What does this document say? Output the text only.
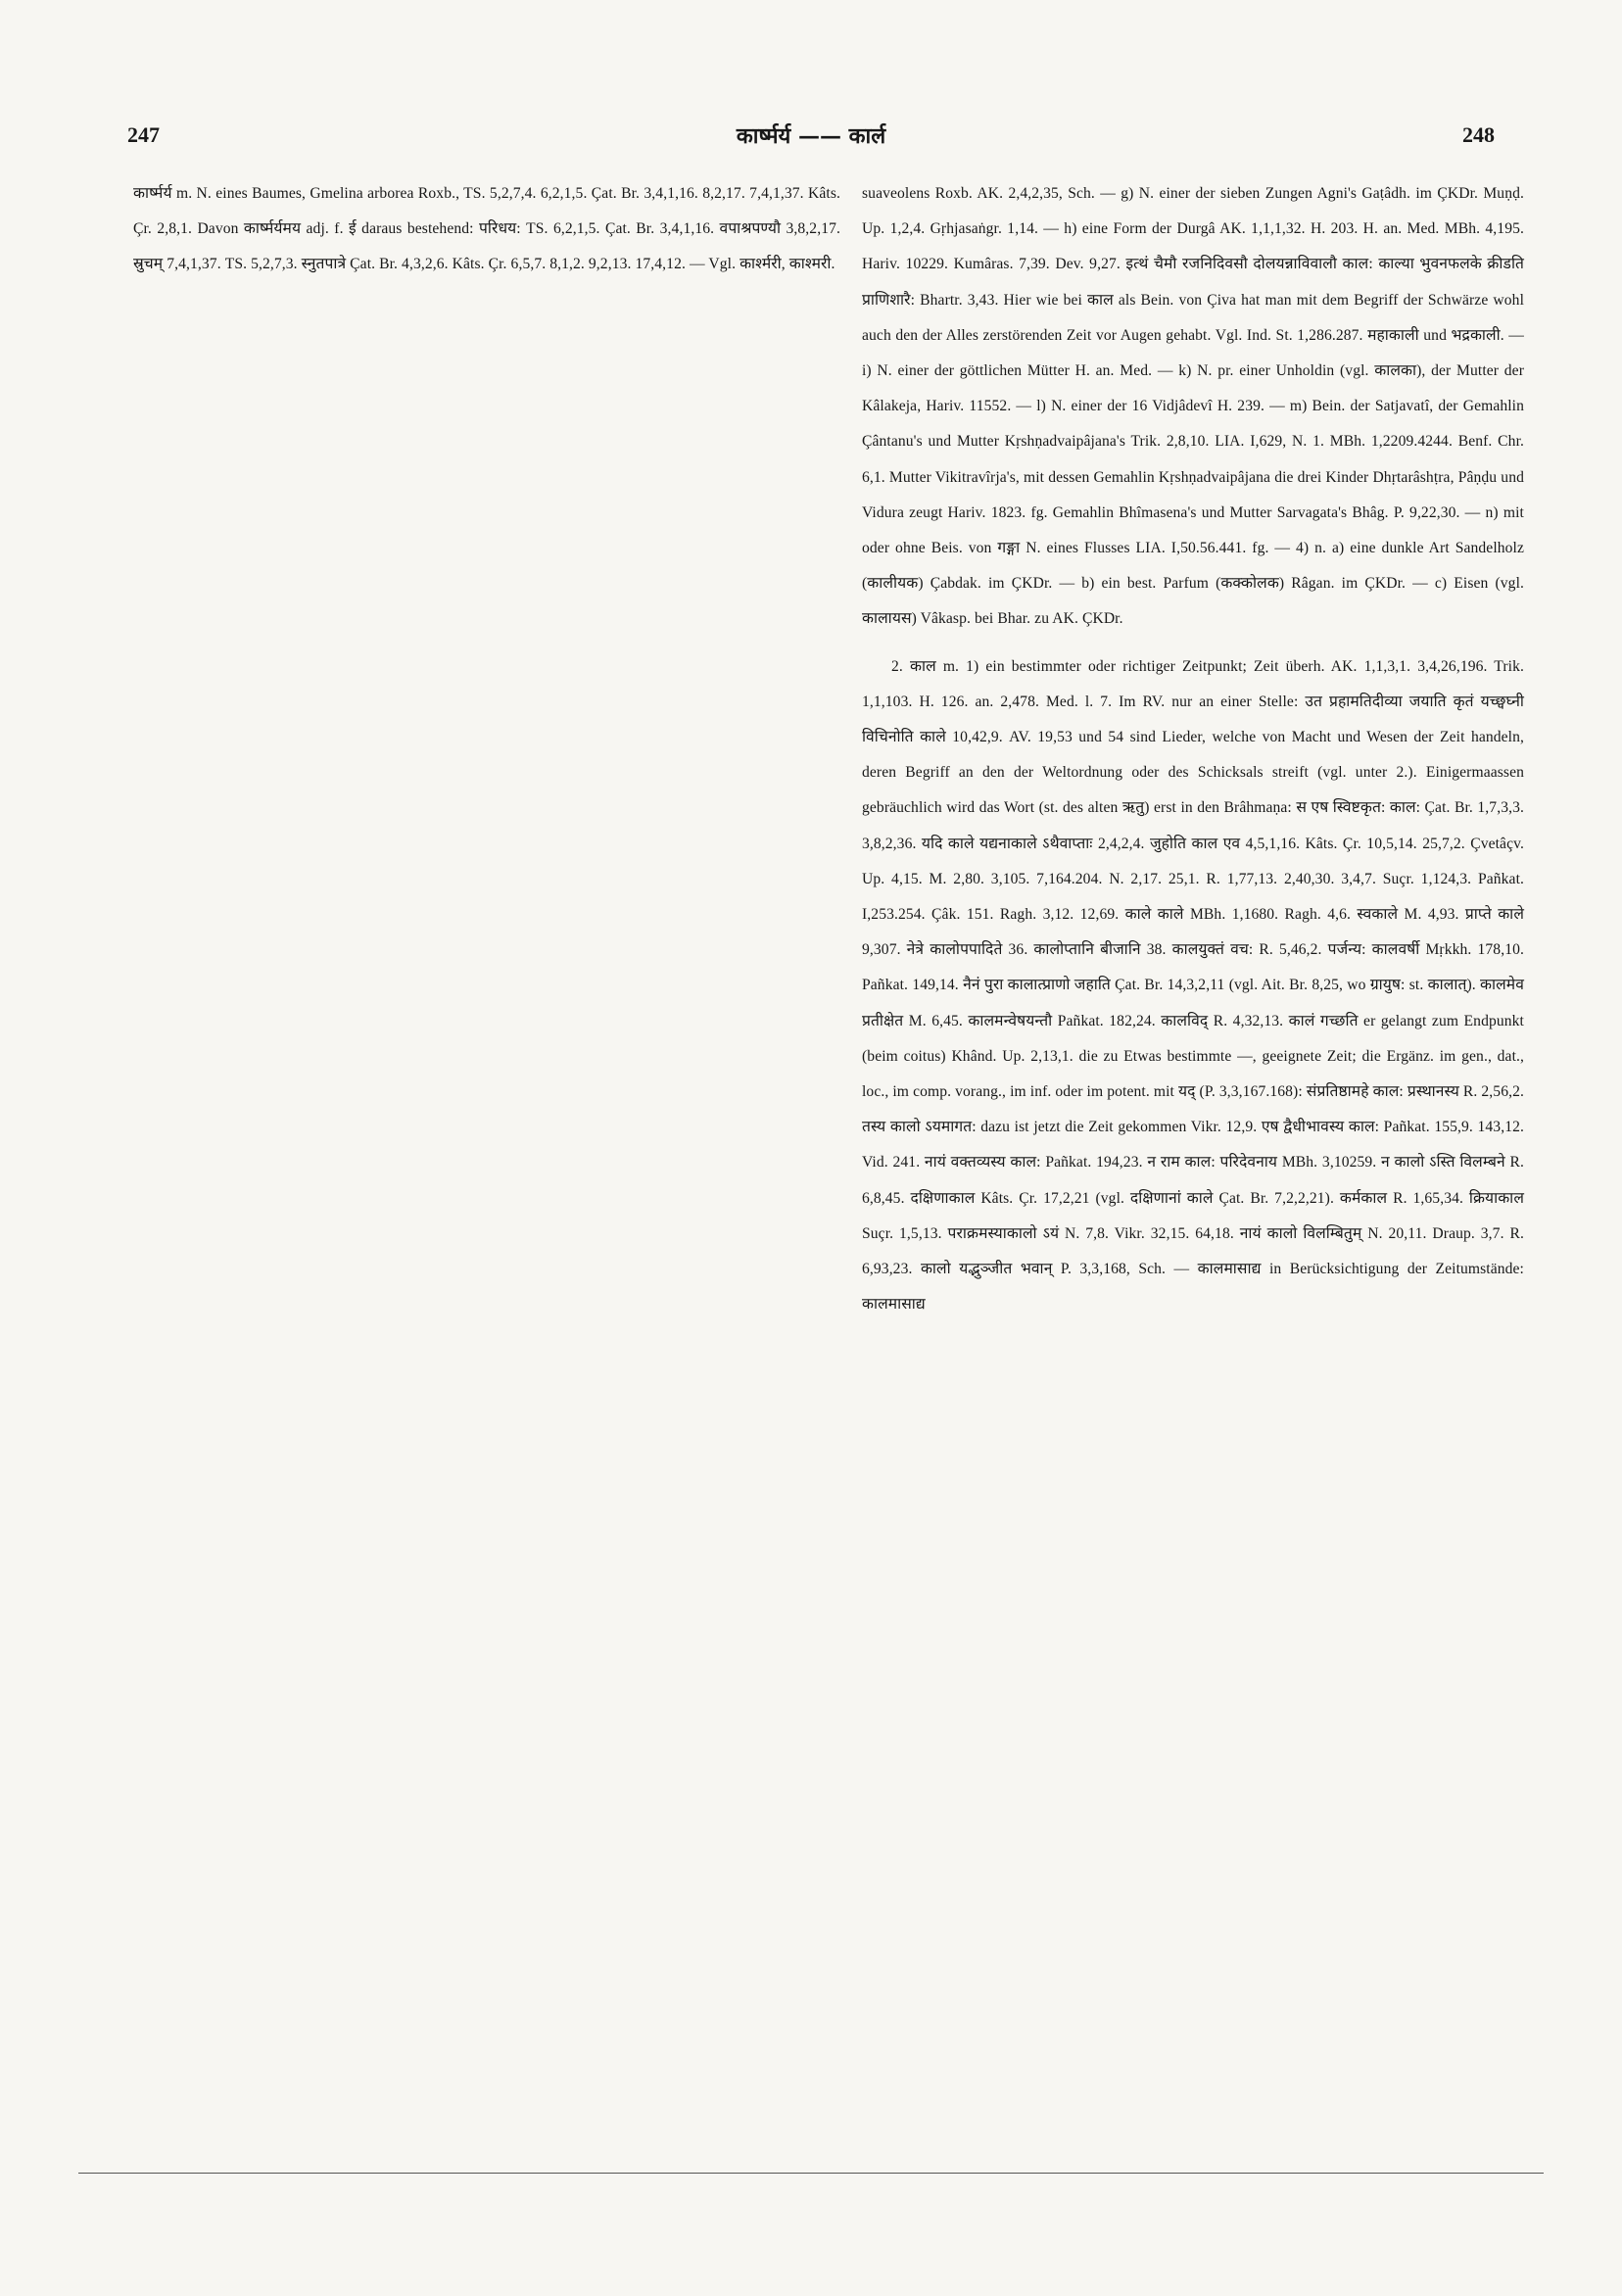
247	कार्ष्मर्य —— कार्ल	248

कार्ष्मर्य m. N. eines Baumes, Gmelina arborea Roxb., TS. 5,2,7,4. 6,2,1,5. Çat. Br. 3,4,1,16. 8,2,17. 7,4,1,37. Kâts. Çr. 2,8,1. Davon कार्ष्मर्यमय adj. f. ई daraus bestehend: परिधय: TS. 6,2,1,5. Çat. Br. 3,4,1,16. वपाश्रपण्यौ 3,8,2,17. स्रुचम् 7,4,1,37. TS. 5,2,7,3. स्नुतपात्रे Çat. Br. 4,3,2,6. Kâts. Çr. 6,5,7. 8,1,2. 9,2,13. 17,4,12. — Vgl. कार्श्मरी, काश्मरी.

suaveolens Roxb. AK. 2,4,2,35, Sch. — g) N. einer der sieben Zungen Agni's Gaṭâdh. im ÇKDr. Muṇḍ. Up. 1,2,4. Gṛhjasaṅgr. 1,14. — h) eine Form der Durgâ AK. 1,1,1,32. H. 203. H. an. Med. MBh. 4,195. Hariv. 10229. Kumâras. 7,39. Dev. 9,27. इत्थं चैमौ रजनिदिवसौ दोलयन्नाविवालौ काल: काल्या भुवनफलके क्रीडति प्राणिशारै: Bhartr. 3,43. Hier wie bei काल als Bein. von Çiva hat man mit dem Begriff der Schwärze wohl auch den der Alles zerstörenden Zeit vor Augen gehabt. Vgl. Ind. St. 1,286.287. महाकाली und भद्रकाली. — i) N. einer der göttlichen Mütter H. an. Med. — k) N. pr. einer Unholdin (vgl. कालका), der Mutter der Kâlakeja, Hariv. 11552. — l) N. einer der 16 Vidjâdevî H. 239. — m) Bein. der Satjavatî, der Gemahlin Çântanu's und Mutter Kṛshṇadvaipâjana's Trik. 2,8,10. LIA. I,629, N. 1. MBh. 1,2209.4244. Benf. Chr. 6,1. Mutter Vikitravîrja's, mit dessen Gemahlin Kṛshṇadvaipâjana die drei Kinder Dhṛtarâshṭra, Pâṇḍu und Vidura zeugt Hariv. 1823. fg. Gemahlin Bhîmasena's und Mutter Sarvagata's Bhâg. P. 9,22,30. — n) mit oder ohne Beis. von गङ्गा N. eines Flusses LIA. I,50.56.441. fg. — 4) n. a) eine dunkle Art Sandelholz (कालीयक) Çabdak. im ÇKDr. — b) ein best. Parfum (कक्कोलक) Râgan. im ÇKDr. — c) Eisen (vgl. कालायस) Vâkasp. bei Bhar. zu AK. ÇKDr.

2. काल m. 1) ein bestimmter oder richtiger Zeitpunkt; Zeit überh. AK. 1,1,3,1. 3,4,26,196. Trik. 1,1,103. H. 126. an. 2,478. Med. l. 7. Im RV. nur an einer Stelle: उत प्रहामतिदीव्या जयाति कृतं यच्छ्वघ्नी विचिनोति काले 10,42,9. AV. 19,53 und 54 sind Lieder, welche von Macht und Wesen der Zeit handeln, deren Begriff an den der Weltordnung oder des Schicksals streift (vgl. unter 2.). Einigermaassen gebräuchlich wird das Wort (st. des alten ऋतु) erst in den Brâhmaṇa: स एष स्विष्टकृत: काल: Çat. Br. 1,7,3,3. 3,8,2,36. यदि काले यद्यनाकाले ऽथैवाप्ताः 2,4,2,4. जुहोति काल एव 4,5,1,16. Kâts. Çr. 10,5,14. 25,7,2. Çvetâçv. Up. 4,15. M. 2,80. 3,105. 7,164.204. N. 2,17. 25,1. R. 1,77,13. 2,40,30. 3,4,7. Suçr. 1,124,3. Pañkat. I,253.254. Çâk. 151. Ragh. 3,12. 12,69. काले काले MBh. 1,1680. Ragh. 4,6. स्वकाले M. 4,93. प्राप्ते काले 9,307. नेत्रे कालोपपादिते 36. कालोप्तानि बीजानि 38. कालयुक्तं वच: R. 5,46,2. पर्जन्य: कालवर्षी Mṛkkh. 178,10. Pañkat. 149,14. नैनं पुरा कालात्प्राणो जहाति Çat. Br. 14,3,2,11 (vgl. Ait. Br. 8,25, wo ग्रायुष: st. कालात्). कालमेव प्रतीक्षेत M. 6,45. कालमन्वेषयन्तौ Pañkat. 182,24. कालविद् R. 4,32,13. कालं गच्छति er gelangt zum Endpunkt (beim coitus) Khând. Up. 2,13,1. die zu Etwas bestimmte —, geeignete Zeit; die Ergänz. im gen., dat., loc., im comp. vorang., im inf. oder im potent. mit यद् (P. 3,3,167.168): संप्रतिष्ठामहे काल: प्रस्थानस्य R. 2,56,2. तस्य कालो ऽयमागत: dazu ist jetzt die Zeit gekommen Vikr. 12,9. एष द्वैधीभावस्य काल: Pañkat. 155,9. 143,12. Vid. 241. नायं वक्तव्यस्य काल: Pañkat. 194,23. न राम काल: परिदेवनाय MBh. 3,10259. न कालो ऽस्ति विलम्बने R. 6,8,45. दक्षिणाकाल Kâts. Çr. 17,2,21 (vgl. दक्षिणानां काले Çat. Br. 7,2,2,21). कर्मकाल R. 1,65,34. क्रियाकाल Suçr. 1,5,13. पराक्रमस्याकालो ऽयं N. 7,8. Vikr. 32,15. 64,18. नायं कालो विलम्बितुम् N. 20,11. Draup. 3,7. R. 6,93,23. कालो यद्भुञ्जीत भवान् P. 3,3,168, Sch. — कालमासाद्य in Berücksichtigung der Zeitumstände: कालमासाद्य
